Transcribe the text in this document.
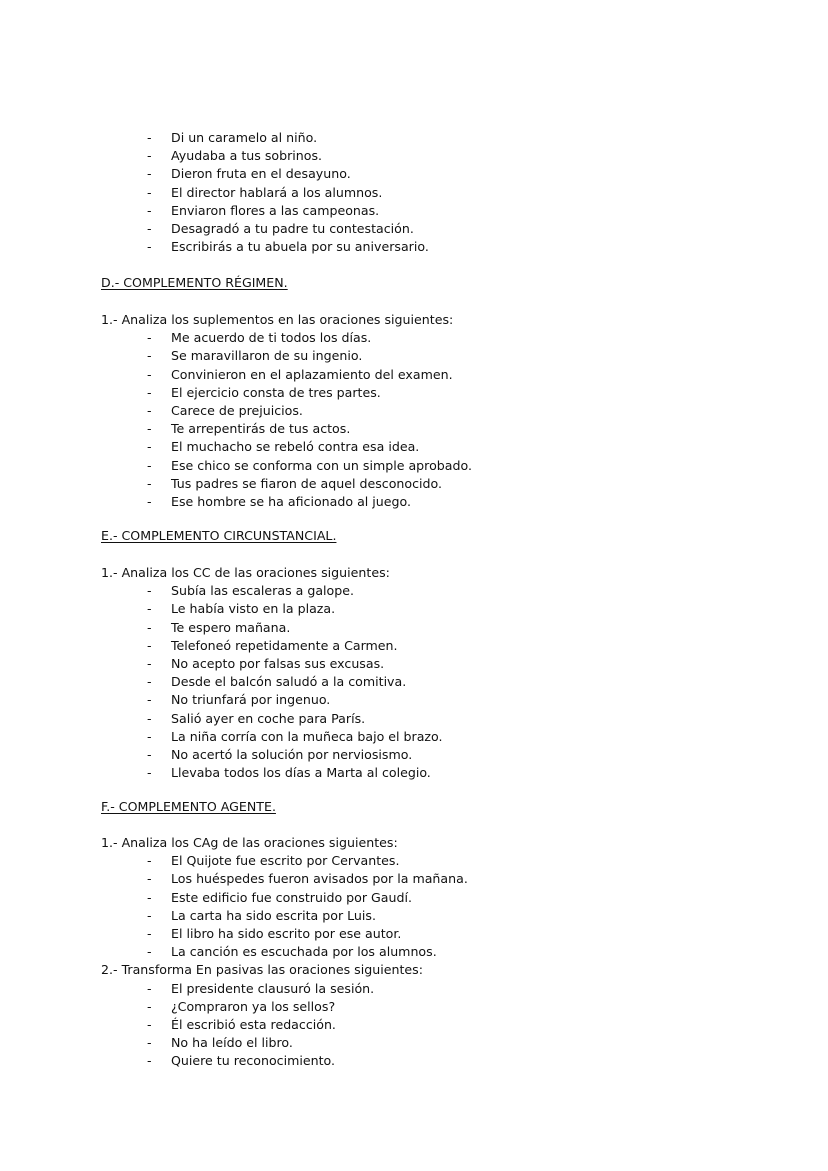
- Di un caramelo al niño.
- Ayudaba a tus sobrinos.
- Dieron fruta en el desayuno.
- El director hablará a los alumnos.
- Enviaron flores a las campeonas.
- Desagradó a tu padre tu contestación.
- Escribirás a tu abuela por su aniversario.
D.- COMPLEMENTO RÉGIMEN.
1.- Analiza los suplementos en las oraciones siguientes:
- Me acuerdo de ti todos los días.
- Se maravillaron de su ingenio.
- Convinieron en el aplazamiento del examen.
- El ejercicio consta de tres partes.
- Carece de prejuicios.
- Te arrepentirás de tus actos.
- El muchacho se rebeló contra esa idea.
- Ese chico se conforma con un simple aprobado.
- Tus padres se fiaron de aquel desconocido.
- Ese hombre se ha aficionado al juego.
E.- COMPLEMENTO CIRCUNSTANCIAL.
1.- Analiza los CC de las oraciones siguientes:
- Subía las escaleras a galope.
- Le había visto en la plaza.
- Te espero mañana.
- Telefoneó repetidamente a Carmen.
- No acepto por falsas sus excusas.
- Desde el balcón saludó a la comitiva.
- No triunfará por ingenuo.
- Salió ayer en coche para París.
- La niña corría con la muñeca bajo el brazo.
- No acertó la solución por nerviosismo.
- Llevaba todos los días a Marta al colegio.
F.- COMPLEMENTO AGENTE.
1.- Analiza los CAg de las oraciones siguientes:
- El Quijote fue escrito por Cervantes.
- Los huéspedes fueron avisados por la mañana.
- Este edificio fue construido por Gaudí.
- La carta ha sido escrita por Luis.
- El libro ha sido escrito por ese autor.
- La canción es escuchada por los alumnos.
2.- Transforma En pasivas las oraciones siguientes:
- El presidente clausuró la sesión.
- ¿Compraron ya los sellos?
- Él escribió esta redacción.
- No ha leído el libro.
- Quiere tu reconocimiento.
